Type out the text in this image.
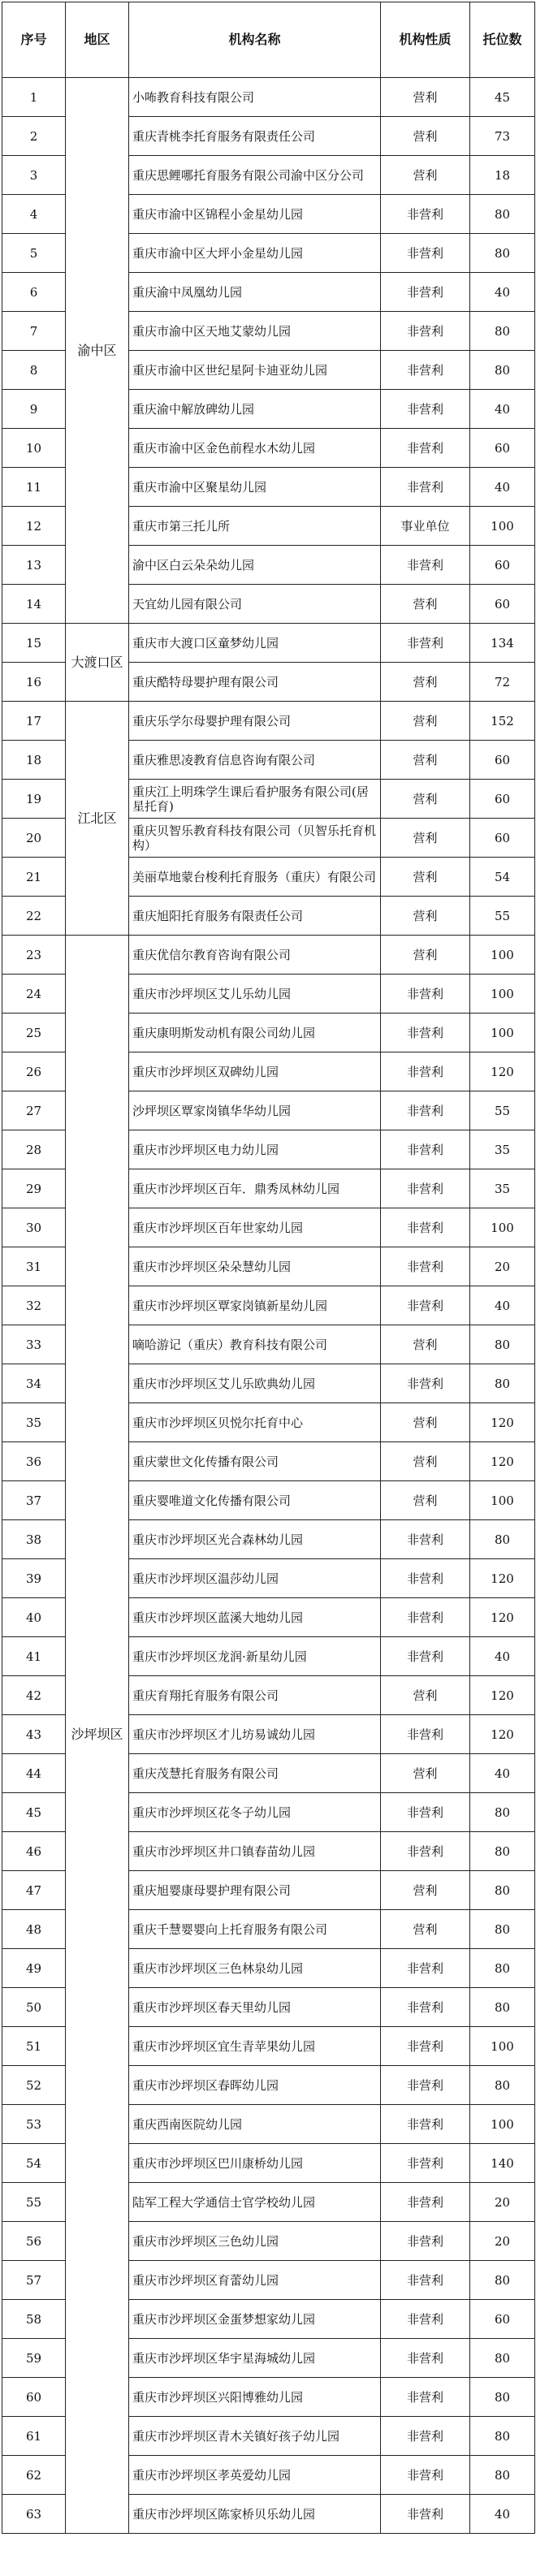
序号	地区	机构名称	机构性质	托位数
1	渝中区	小咘教育科技有限公司	营利	45
2		重庆青桃李托育服务有限责任公司	营利	73
3		重庆思鲤哪托育服务有限公司渝中区分公司	营利	18
4		重庆市渝中区锦程小金星幼儿园	非营利	80
5		重庆市渝中区大坪小金星幼儿园	非营利	80
6		重庆渝中凤凰幼儿园	非营利	40
7		重庆市渝中区天地艾蒙幼儿园	非营利	80
8		重庆市渝中区世纪星阿卡迪亚幼儿园	非营利	80
9		重庆渝中解放碑幼儿园	非营利	40
10		重庆市渝中区金色前程水木幼儿园	非营利	60
11		重庆市渝中区聚星幼儿园	非营利	40
12		重庆市第三托儿所	事业单位	100
13		渝中区白云朵朵幼儿园	非营利	60
14		天宜幼儿园有限公司	营利	60
15	大渡口区	重庆市大渡口区童梦幼儿园	非营利	134
16		重庆酷特母婴护理有限公司	营利	72
17	江北区	重庆乐学尔母婴护理有限公司	营利	152
18		重庆雅思凌教育信息咨询有限公司	营利	60
19		重庆江上明珠学生课后看护服务有限公司(居星托育)	营利	60
20		重庆贝智乐教育科技有限公司（贝智乐托育机构）	营利	60
21		美丽草地蒙台梭利托育服务（重庆）有限公司	营利	54
22		重庆旭阳托育服务有限责任公司	营利	55
23	沙坪坝区	重庆优信尔教育咨询有限公司	营利	100
24		重庆市沙坪坝区艾儿乐幼儿园	非营利	100
25		重庆康明斯发动机有限公司幼儿园	非营利	100
26		重庆市沙坪坝区双碑幼儿园	非营利	120
27		沙坪坝区覃家岗镇华华幼儿园	非营利	55
28		重庆市沙坪坝区电力幼儿园	非营利	35
29		重庆市沙坪坝区百年．鼎秀凤林幼儿园	非营利	35
30		重庆市沙坪坝区百年世家幼儿园	非营利	100
31		重庆市沙坪坝区朵朵慧幼儿园	非营利	20
32		重庆市沙坪坝区覃家岗镇新星幼儿园	非营利	40
33		嘀哈游记（重庆）教育科技有限公司	营利	80
34		重庆市沙坪坝区艾儿乐欧典幼儿园	非营利	80
35		重庆市沙坪坝区贝悦尔托育中心	营利	120
36		重庆蒙世文化传播有限公司	营利	120
37		重庆婴唯道文化传播有限公司	营利	100
38		重庆市沙坪坝区光合森林幼儿园	非营利	80
39		重庆市沙坪坝区温莎幼儿园	非营利	120
40		重庆市沙坪坝区蓝溪大地幼儿园	非营利	120
41		重庆市沙坪坝区龙润·新星幼儿园	非营利	40
42		重庆育翔托育服务有限公司	营利	120
43		重庆市沙坪坝区才儿坊易诚幼儿园	非营利	120
44		重庆茂慧托育服务有限公司	营利	40
45		重庆市沙坪坝区花冬子幼儿园	非营利	80
46		重庆市沙坪坝区井口镇春苗幼儿园	非营利	80
47		重庆旭婴康母婴护理有限公司	营利	80
48		重庆千慧婴婴向上托育服务有限公司	营利	80
49		重庆市沙坪坝区三色林泉幼儿园	非营利	80
50		重庆市沙坪坝区春天里幼儿园	非营利	80
51		重庆市沙坪坝区宜生青苹果幼儿园	非营利	100
52		重庆市沙坪坝区春晖幼儿园	非营利	80
53		重庆西南医院幼儿园	非营利	100
54		重庆市沙坪坝区巴川康桥幼儿园	非营利	140
55		陆军工程大学通信士官学校幼儿园	非营利	20
56		重庆市沙坪坝区三色幼儿园	非营利	20
57		重庆市沙坪坝区育蕾幼儿园	非营利	80
58		重庆市沙坪坝区金蛋梦想家幼儿园	非营利	60
59		重庆市沙坪坝区华宇星海城幼儿园	非营利	80
60		重庆市沙坪坝区兴阳博雅幼儿园	非营利	80
61		重庆市沙坪坝区青木关镇好孩子幼儿园	非营利	80
62		重庆市沙坪坝区孝英爱幼儿园	非营利	80
63		重庆市沙坪坝区陈家桥贝乐幼儿园	非营利	40
